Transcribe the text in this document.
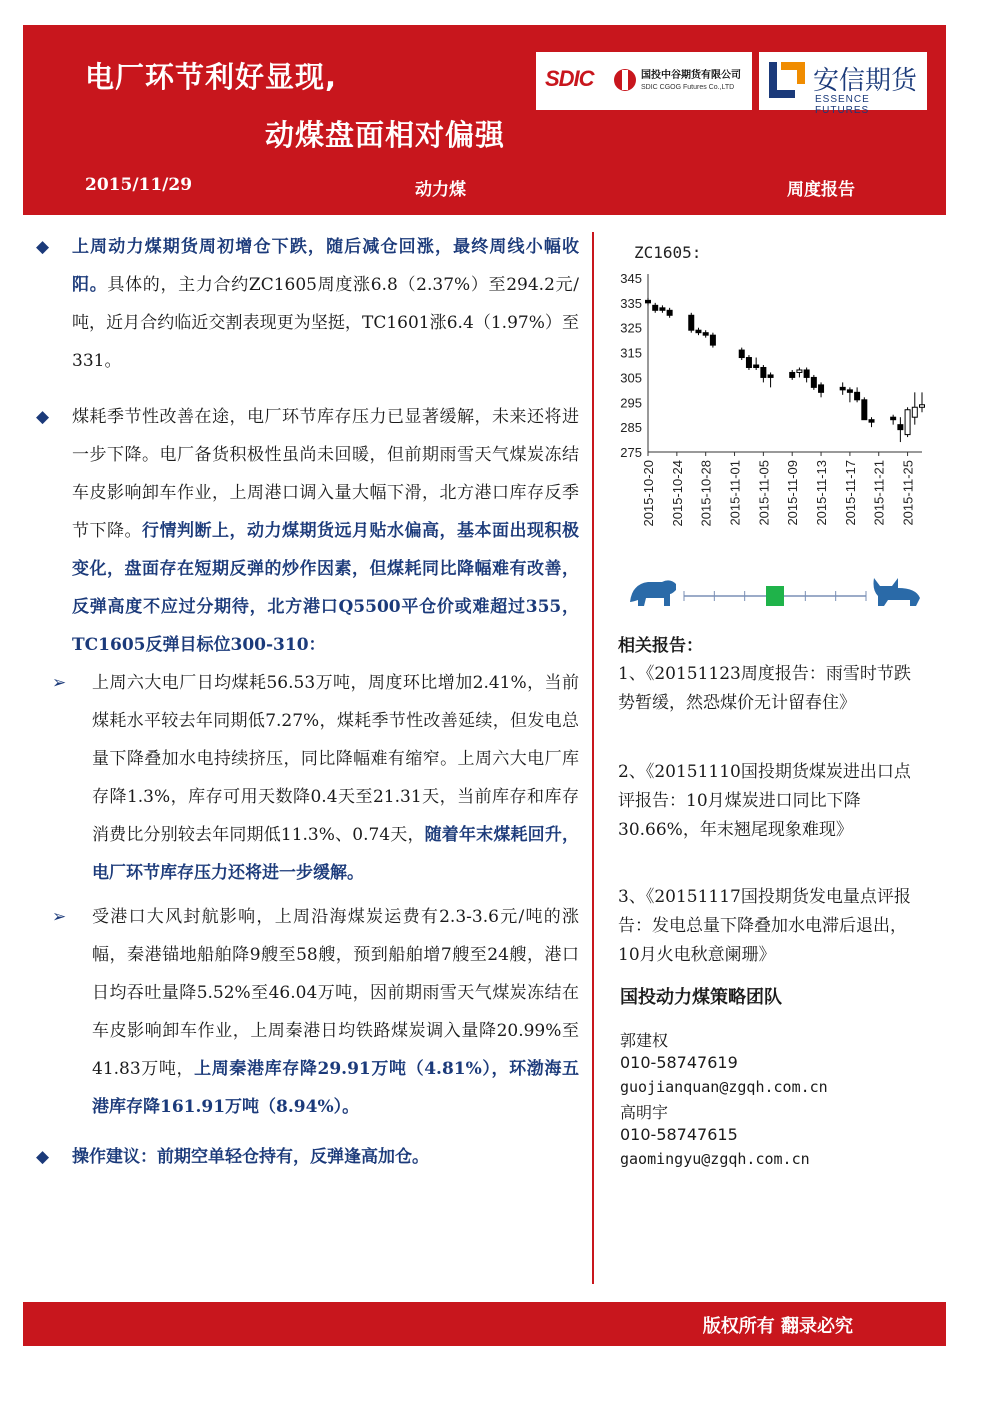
电厂环节利好显现,
动煤盘面相对偏强
2015/11/29	动力煤	周度报告
SDIC	国投中谷期货有限公司
SDIC CGOG Futures Co.,LTD	安信期货
ESSENCE FUTURES
◆ 上周动力煤期货周初增仓下跌，随后减仓回涨，最终周线小幅收阳。具体的，主力合约ZC1605周度涨6.8（2.37%）至294.2元/吨，近月合约临近交割表现更为坚挺，TC1601涨6.4（1.97%）至331。
◆ 煤耗季节性改善在途，电厂环节库存压力已显著缓解，未来还将进一步下降。电厂备货积极性虽尚未回暖，但前期雨雪天气煤炭冻结车皮影响卸车作业，上周港口调入量大幅下滑，北方港口库存反季节下降。行情判断上，动力煤期货远月贴水偏高，基本面出现积极变化，盘面存在短期反弹的炒作因素，但煤耗同比降幅难有改善，反弹高度不应过分期待，北方港口Q5500平仓价或难超过355，TC1605反弹目标位300-310：
➢ 上周六大电厂日均煤耗56.53万吨，周度环比增加2.41%，当前煤耗水平较去年同期低7.27%，煤耗季节性改善延续，但发电总量下降叠加水电持续挤压，同比降幅难有缩窄。上周六大电厂库存降1.3%，库存可用天数降0.4天至21.31天，当前库存和库存消费比分别较去年同期低11.3%、0.74天，随着年末煤耗回升，电厂环节库存压力还将进一步缓解。
➢ 受港口大风封航影响，上周沿海煤炭运费有2.3-3.6元/吨的涨幅，秦港锚地船舶降9艘至58艘，预到船舶增7艘至24艘，港口日均吞吐量降5.52%至46.04万吨，因前期雨雪天气煤炭冻结在车皮影响卸车作业，上周秦港日均铁路煤炭调入量降20.99%至41.83万吨，上周秦港库存降29.91万吨（4.81%），环渤海五港库存降161.91万吨（8.94%）。
◆ 操作建议：前期空单轻仓持有，反弹逢高加仓。
ZC1605:
345
335
325
315
305
295
285
275
2015-10-20 2015-10-24 2015-10-28 2015-11-01 2015-11-05 2015-11-09 2015-11-13 2015-11-17 2015-11-21 2015-11-25
相关报告：
1、《20151123周度报告：雨雪时节跌势暂缓，然恐煤价无计留春住》
2、《20151110国投期货煤炭进出口点评报告：10月煤炭进口同比下降30.66%，年末翘尾现象难现》
3、《20151117国投期货发电量点评报告：发电总量下降叠加水电滞后退出，10月火电秋意阑珊》
国投动力煤策略团队
郭建权
010-58747619
guojianquan@zgqh.com.cn
高明宇
010-58747615
gaomingyu@zgqh.com.cn
版权所有 翻录必究
